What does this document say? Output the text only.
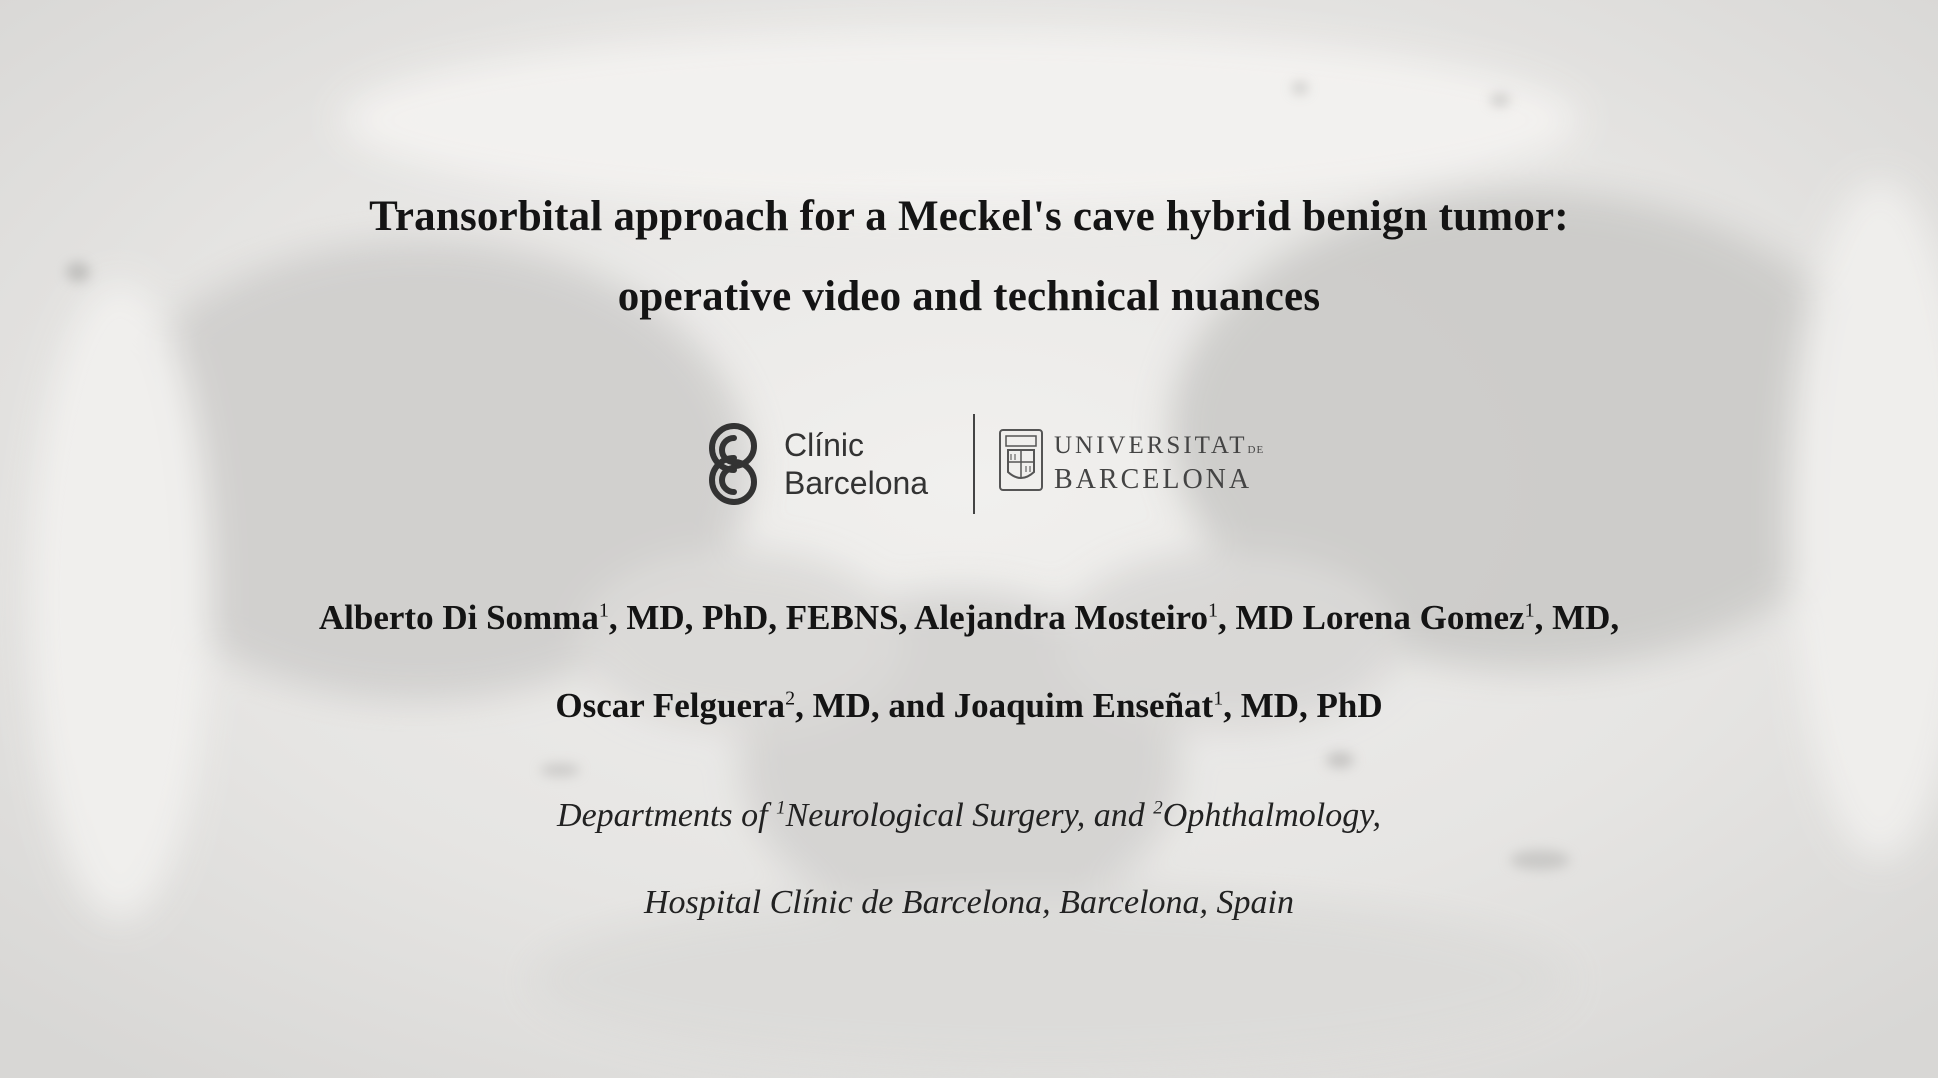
Transorbital approach for a Meckel's cave hybrid benign tumor:
operative video and technical nuances
Clínic
Barcelona
UNIVERSITATDE
BARCELONA
Alberto Di Somma$^1$, MD, PhD, FEBNS, Alejandra Mosteiro$^1$, MD Lorena Gomez$^1$, MD,
Oscar Felguera$^2$, MD, and Joaquim Enseñat$^1$, MD, PhD
Departments of $^1$Neurological Surgery, and $^2$Ophthalmology,
Hospital Clínic de Barcelona, Barcelona, Spain
